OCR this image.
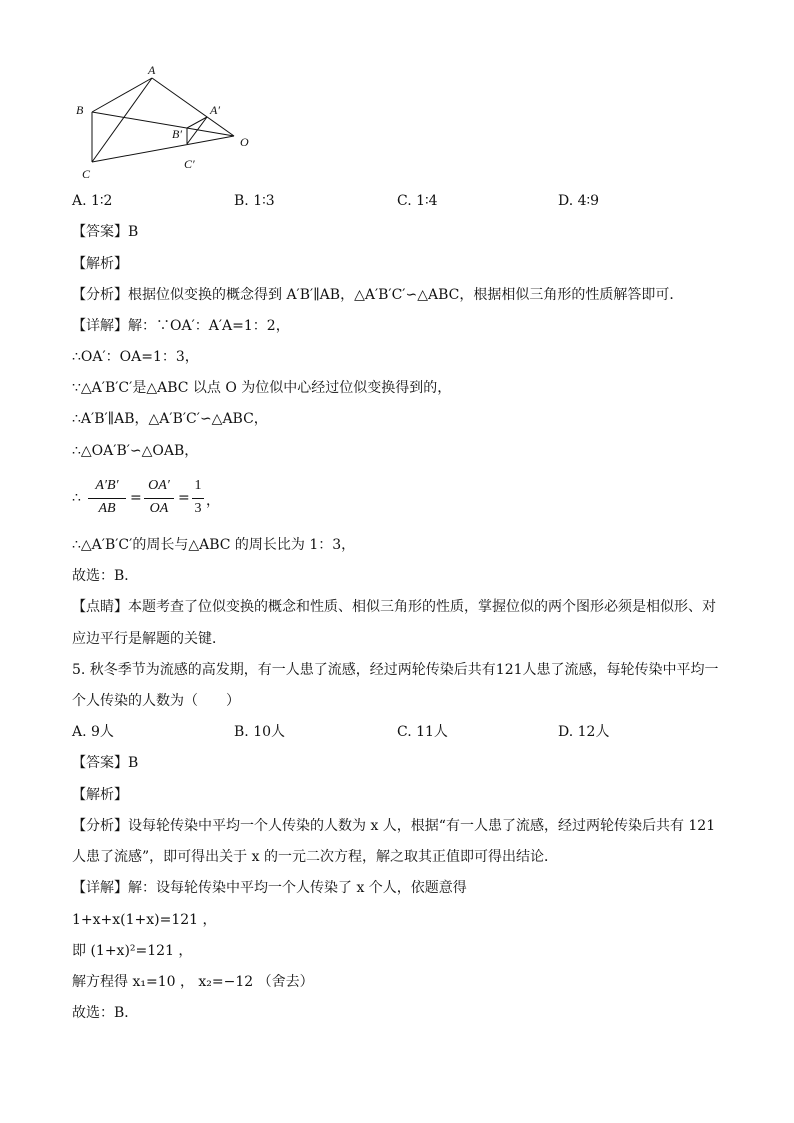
A
B
C
A′
B′
C′
O
A. 1∶2	B. 1∶3	C. 1∶4	D. 4∶9
【答案】B
【解析】
【分析】根据位似变换的概念得到 A′B′∥AB，△A′B′C′∽△ABC，根据相似三角形的性质解答即可．
【详解】解：∵OA′：A′A=1：2，
∴OA′：OA=1：3，
∵△A′B′C′是△ABC 以点 O 为位似中心经过位似变换得到的，
∴A′B′∥AB，△A′B′C′∽△ABC，
∴△OA′B′∽△OAB，
∴
A′B′
AB
=
OA′
OA
=
1
3 ，
∴△A′B′C′的周长与△ABC 的周长比为 1：3，
故选：B．
【点睛】本题考查了位似变换的概念和性质、相似三角形的性质，掌握位似的两个图形必须是相似形、对
应边平行是解题的关键．
5. 秋冬季节为流感的高发期，有一人患了流感，经过两轮传染后共有121人患了流感，每轮传染中平均一
个人传染的人数为（　　）
A. 9人	B. 10人	C. 11人	D. 12人
【答案】B
【解析】
【分析】设每轮传染中平均一个人传染的人数为 x 人，根据“有一人患了流感，经过两轮传染后共有 121
人患了流感”，即可得出关于 x 的一元二次方程，解之取其正值即可得出结论．
【详解】解：设每轮传染中平均一个人传染了 x 个人，依题意得
1+x+x(1+x)=121 ，
即 (1+x)²=121 ，
解方程得 x₁=10 ， x₂=−12 （舍去）
故选：B．
